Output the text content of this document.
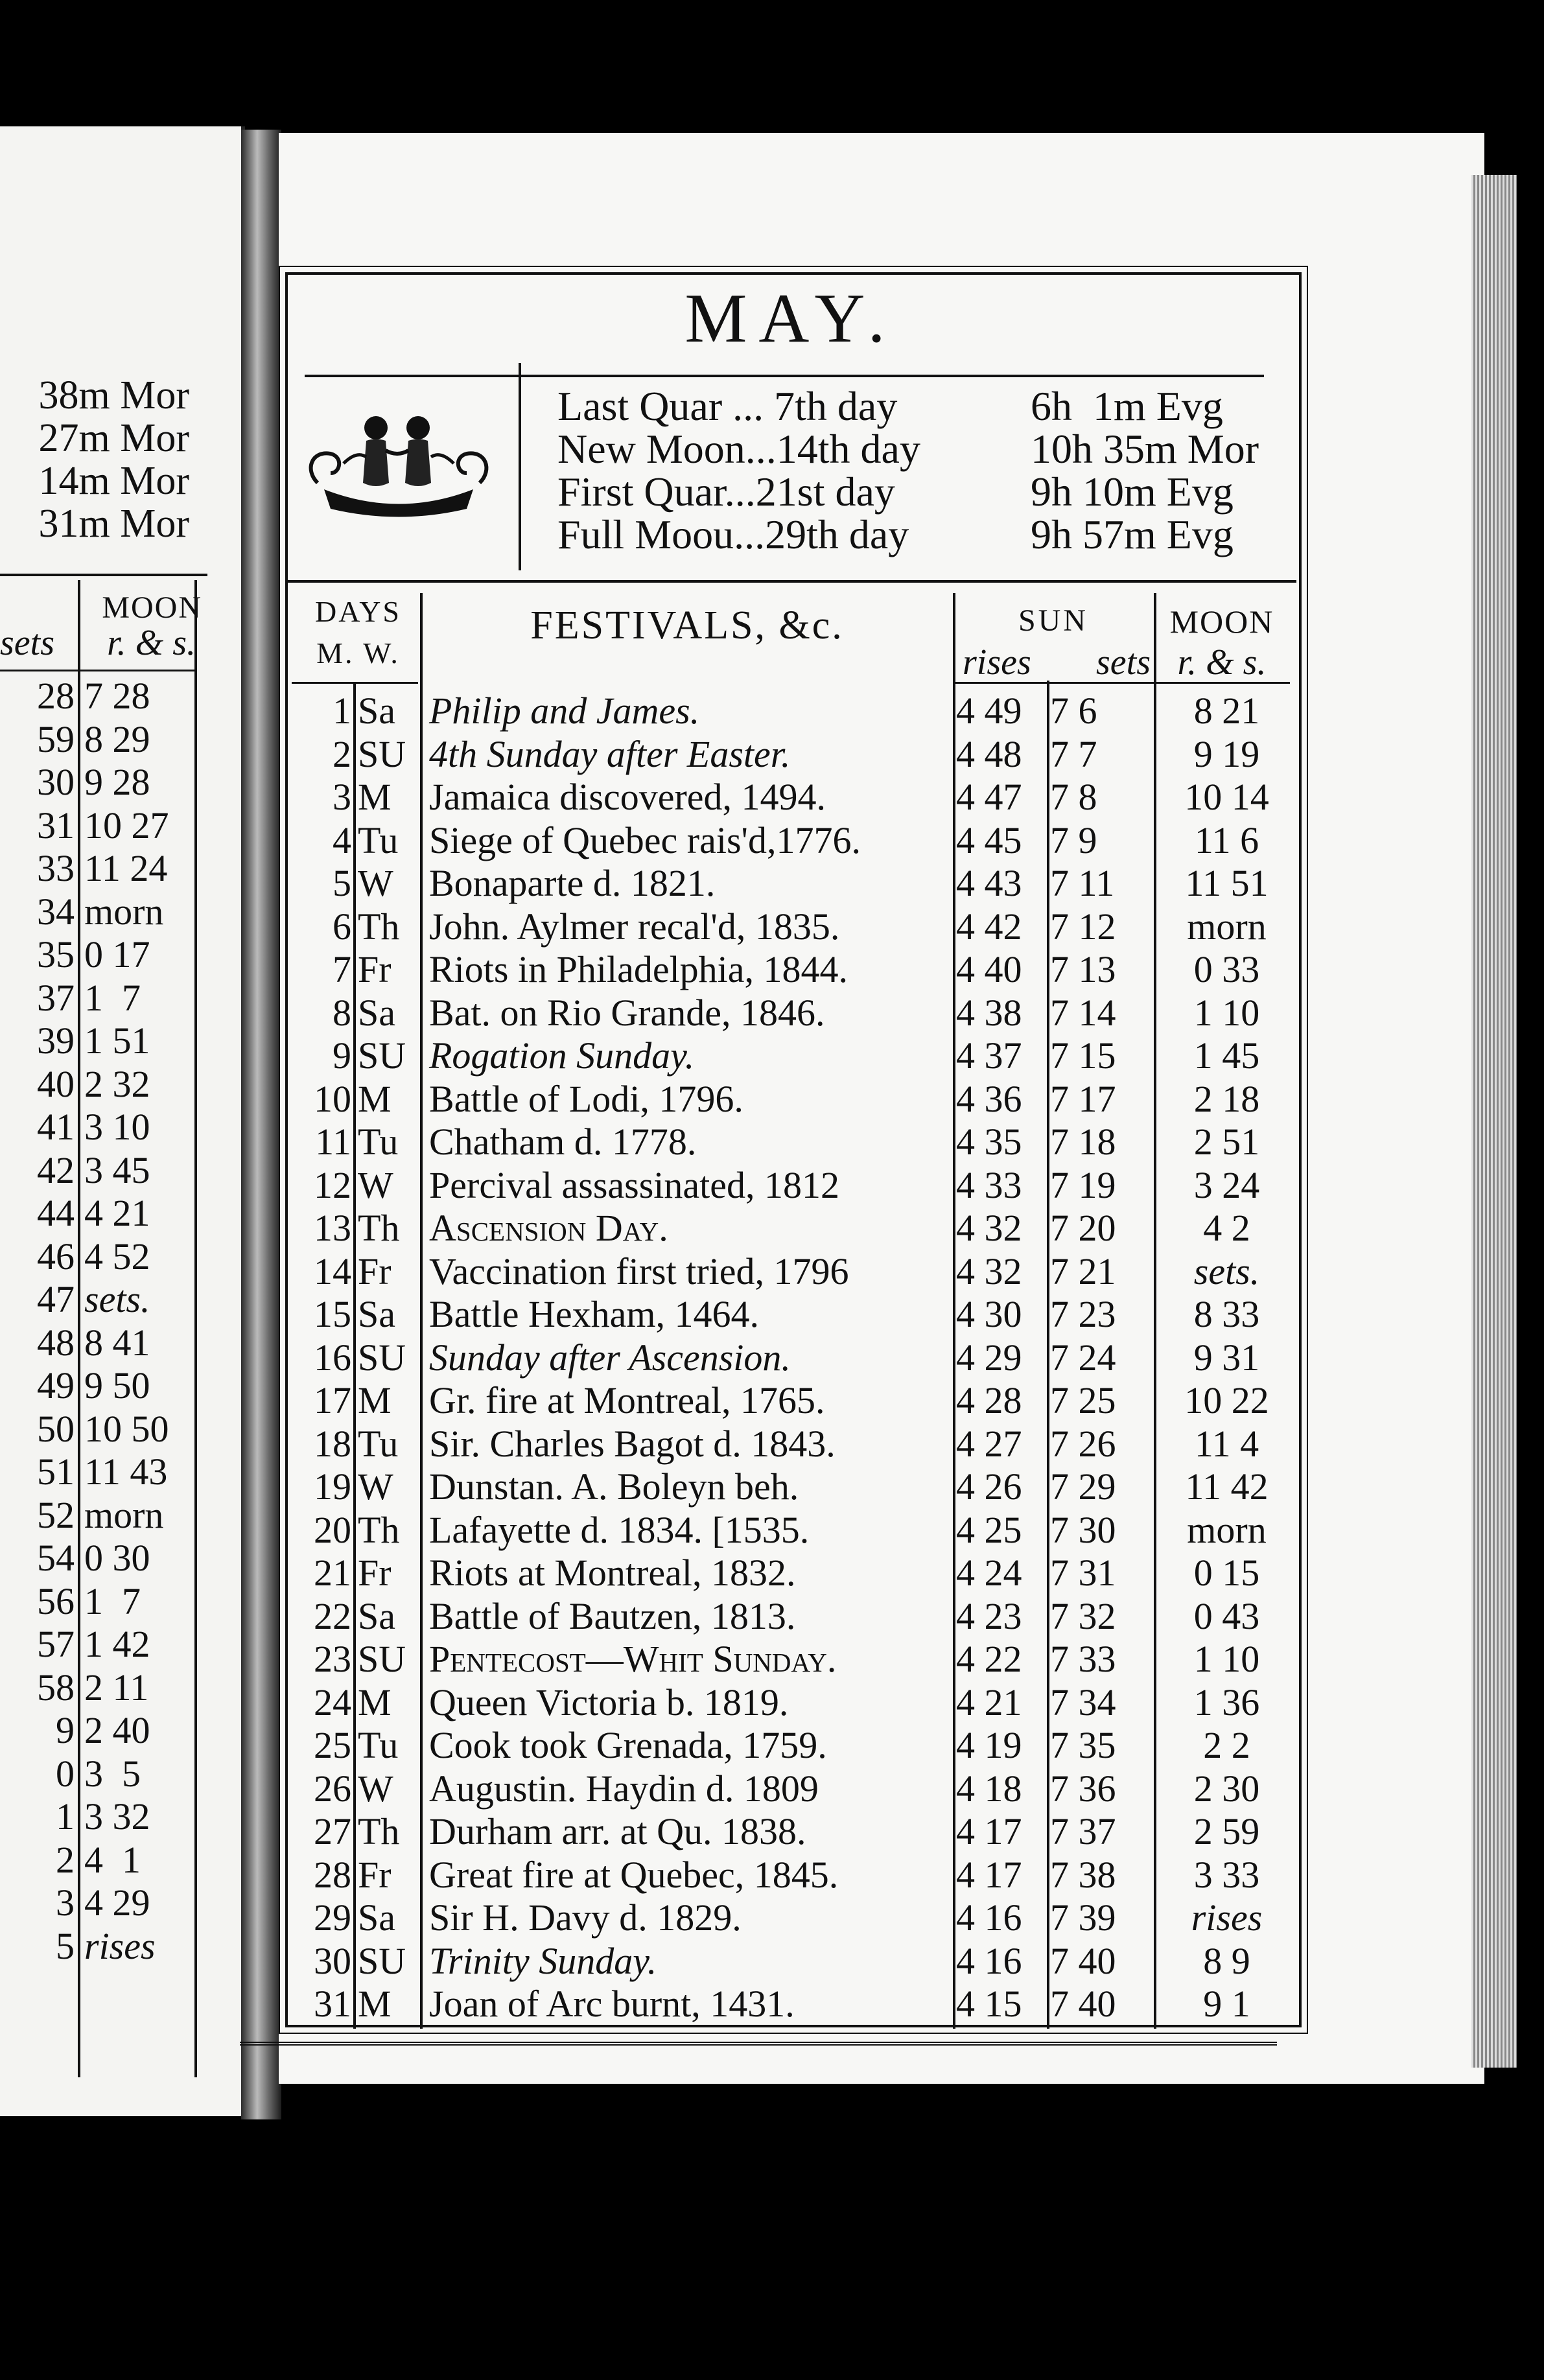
38m Mor
27m Mor
14m Mor
31m Mor
MOON
sets r. & s.
28 7 28
59 8 29
30 9 28
31 10 27
33 11 24
34 morn
35 0 17
37 1  7
39 1 51
40 2 32
41 3 10
42 3 45
44 4 21
46 4 52
47 sets.
48 8 41
49 9 50
50 10 50
51 11 43
52 morn
54 0 30
56 1  7
57 1 42
58 2 11
9 2 40
0 3  5
1 3 32
2 4  1
3 4 29
5 rises
MAY.
Last Quar ... 7th day	6h  1m Evg
New Moon...14th day	10h 35m Mor
First Quar...21st day	9h 10m Evg
Full Moou...29th day	9h 57m Evg
DAYS
M. W.
FESTIVALS, &c.	SUN
rises sets
MOON
r. & s.
1 Sa Philip and James.	4 49 7 6	8 21
2 SU 4th Sunday after Easter.	4 48 7 7	9 19
3 M Jamaica discovered, 1494.	4 47 7 8	10 14
4 Tu Siege of Quebec rais'd,1776.	4 45 7 9	11 6
5 W Bonaparte d. 1821.	4 43 7 11	11 51
6 Th John. Aylmer recal'd, 1835.	4 42 7 12	morn
7 Fr Riots in Philadelphia, 1844.	4 40 7 13	0 33
8 Sa Bat. on Rio Grande, 1846.	4 38 7 14	1 10
9 SU Rogation Sunday.	4 37 7 15	1 45
10 M Battle of Lodi, 1796.	4 36 7 17	2 18
11 Tu Chatham d. 1778.	4 35 7 18	2 51
12 W Percival assassinated, 1812	4 33 7 19	3 24
13 Th Ascension Day.	4 32 7 20	4 2
14 Fr Vaccination first tried, 1796	4 32 7 21	sets.
15 Sa Battle Hexham, 1464.	4 30 7 23	8 33
16 SU Sunday after Ascension.	4 29 7 24	9 31
17 M Gr. fire at Montreal, 1765.	4 28 7 25	10 22
18 Tu Sir. Charles Bagot d. 1843.	4 27 7 26	11 4
19 W Dunstan. A. Boleyn beh.	4 26 7 29	11 42
20 Th Lafayette d. 1834. [1535.	4 25 7 30	morn
21 Fr Riots at Montreal, 1832.	4 24 7 31	0 15
22 Sa Battle of Bautzen, 1813.	4 23 7 32	0 43
23 SU Pentecost—Whit Sunday.	4 22 7 33	1 10
24 M Queen Victoria b. 1819.	4 21 7 34	1 36
25 Tu Cook took Grenada, 1759.	4 19 7 35	2 2
26 W Augustin. Haydin d. 1809	4 18 7 36	2 30
27 Th Durham arr. at Qu. 1838.	4 17 7 37	2 59
28 Fr Great fire at Quebec, 1845.	4 17 7 38	3 33
29 Sa Sir H. Davy d. 1829.	4 16 7 39	rises
30 SU Trinity Sunday.	4 16 7 40	8 9
31 M Joan of Arc burnt, 1431.	4 15 7 40	9 1
